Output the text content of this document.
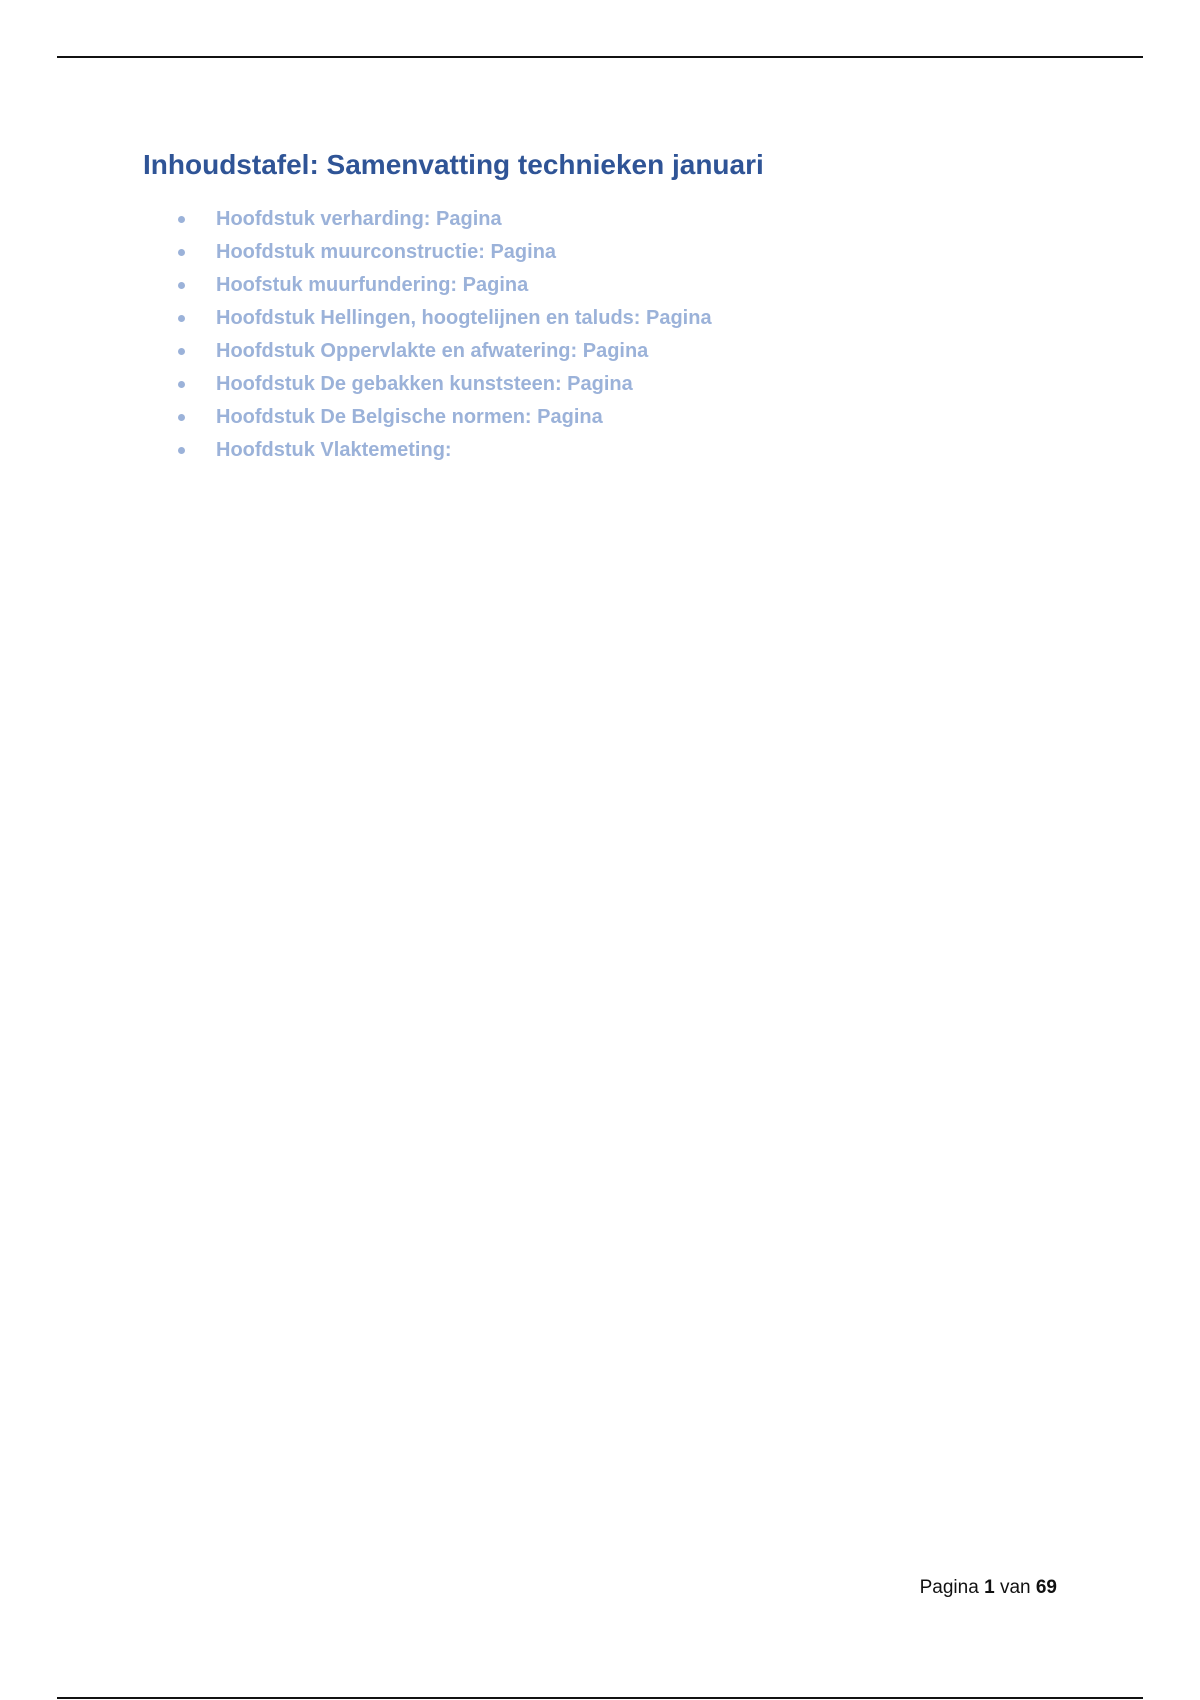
Inhoudstafel: Samenvatting technieken januari
Hoofdstuk verharding: Pagina
Hoofdstuk muurconstructie: Pagina
Hoofstuk muurfundering: Pagina
Hoofdstuk Hellingen, hoogtelijnen en taluds: Pagina
Hoofdstuk Oppervlakte en afwatering: Pagina
Hoofdstuk De gebakken kunststeen: Pagina
Hoofdstuk De Belgische normen: Pagina
Hoofdstuk Vlaktemeting:
Pagina 1 van 69
